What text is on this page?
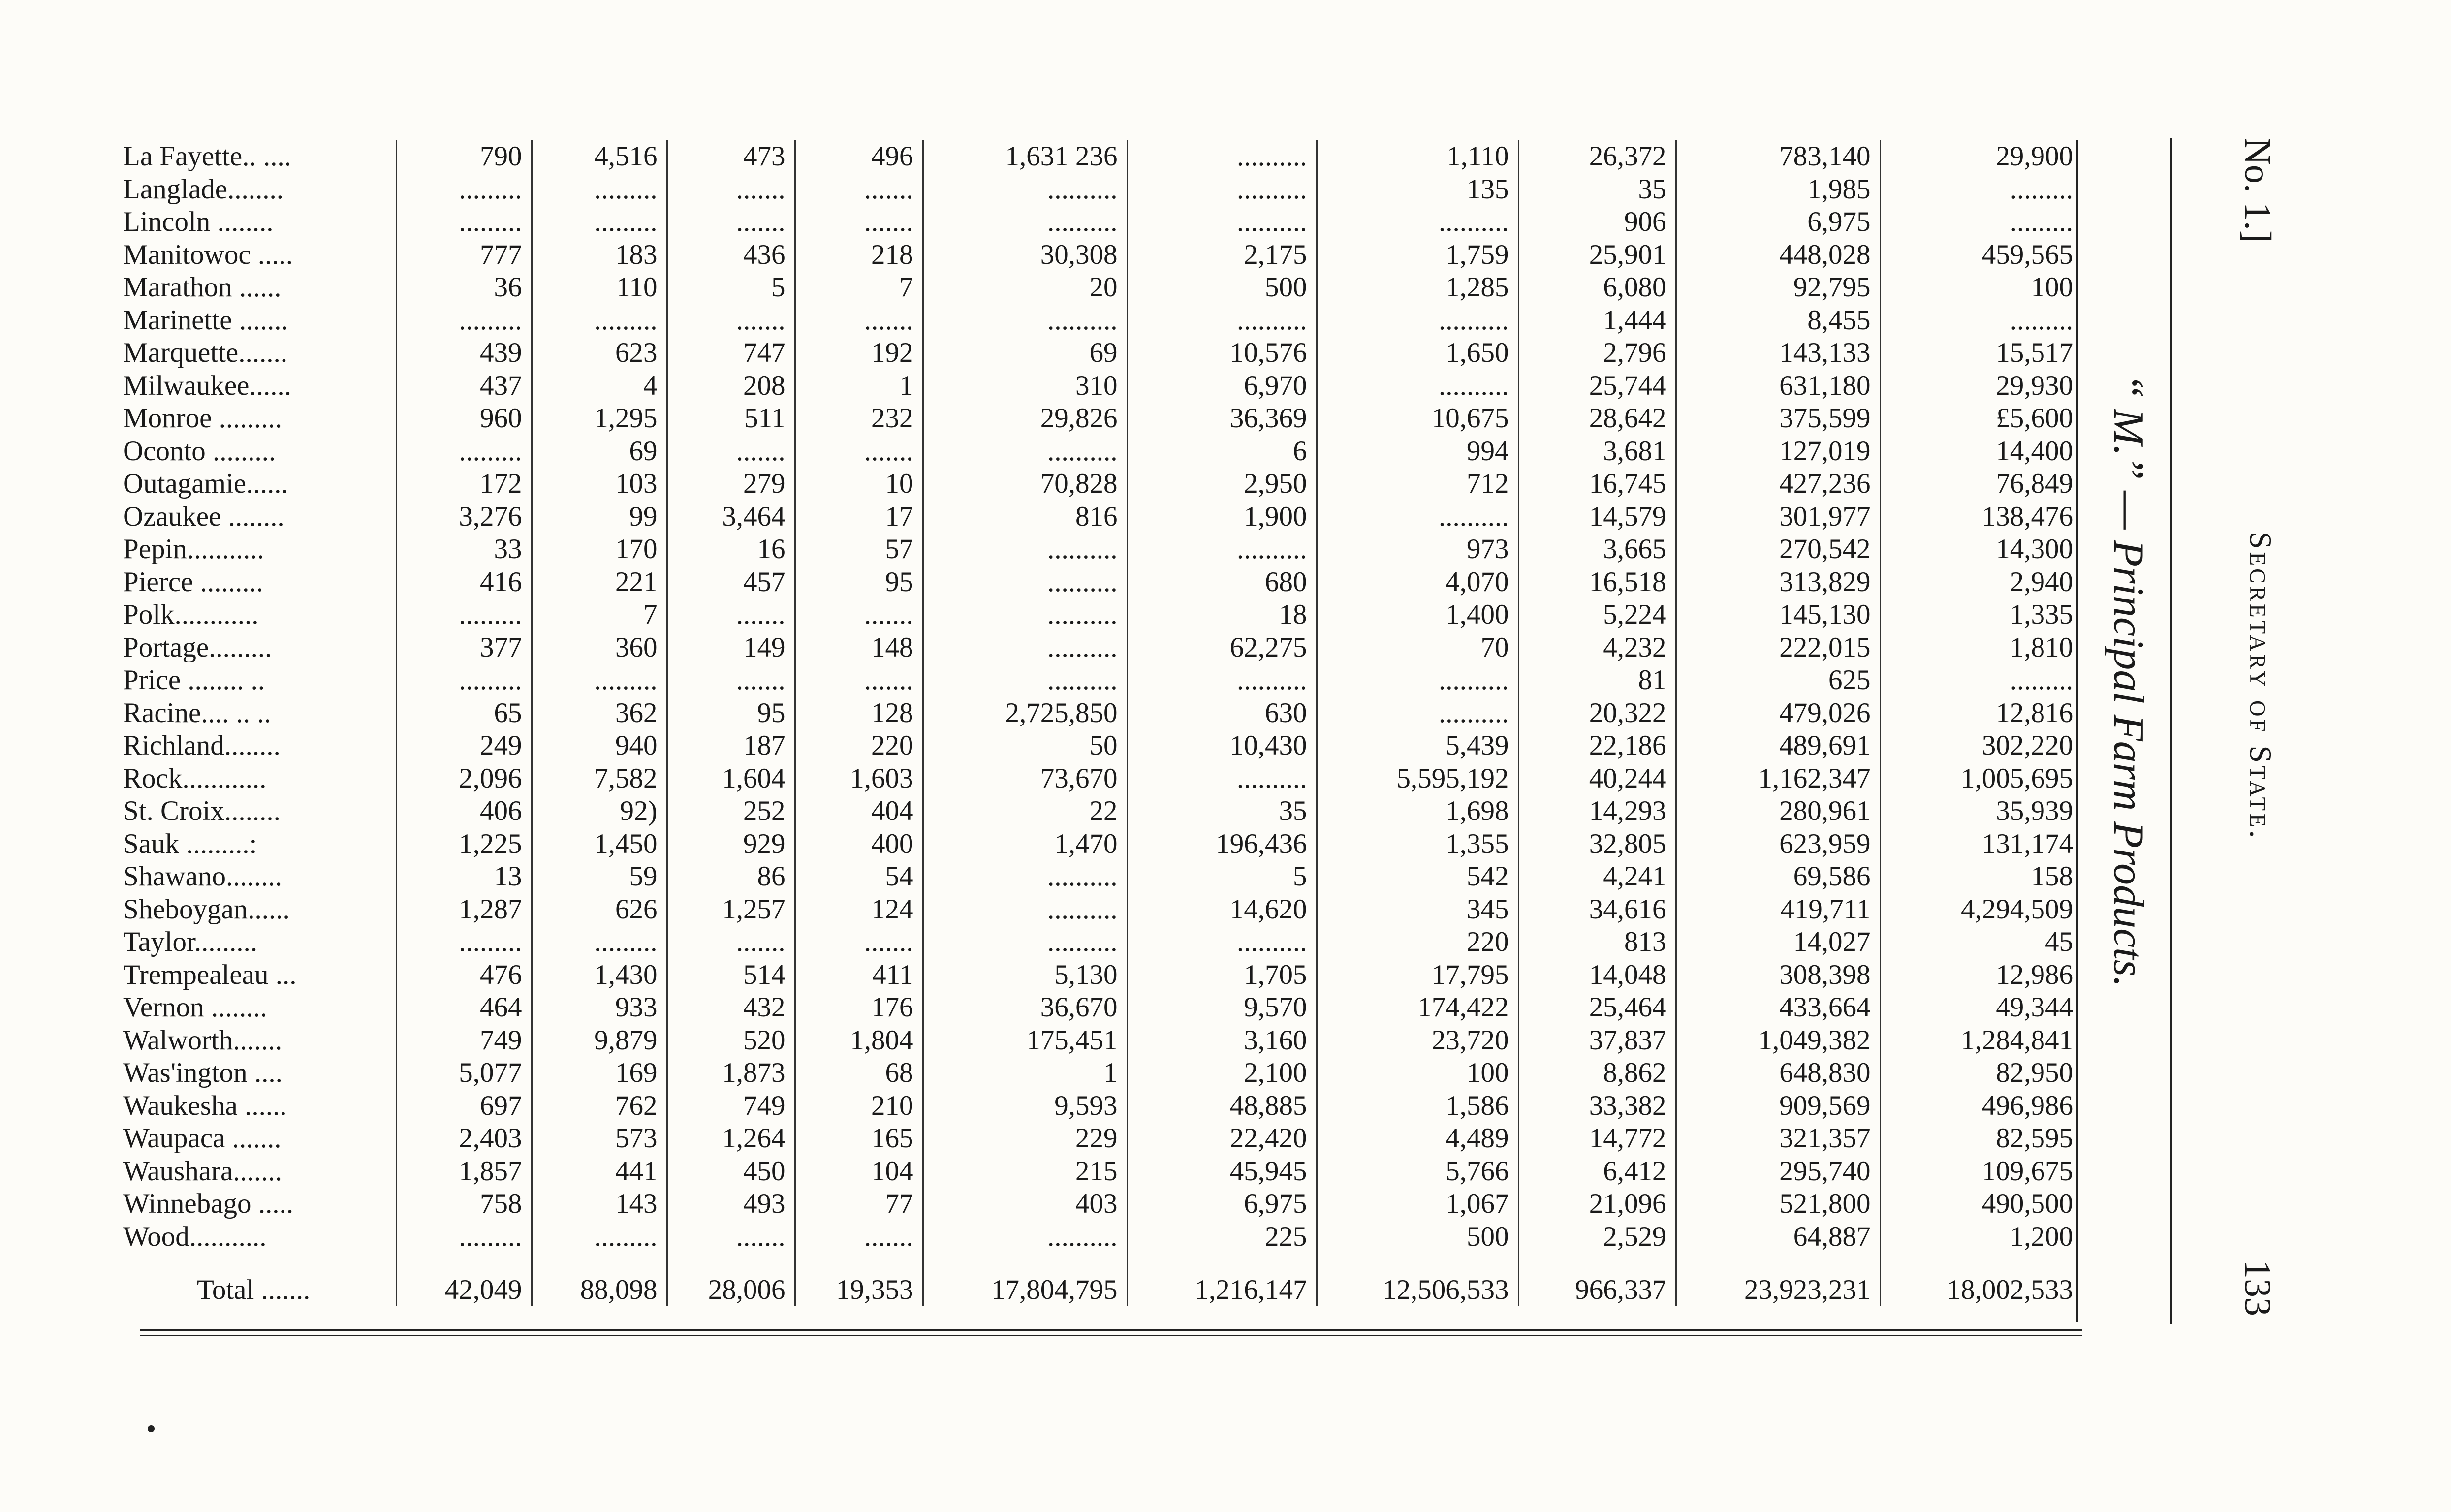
La Fayette.. ....	790	4,516	473	496	1,631 236	..........	1,110	26,372	783,140	29,900
Langlade........	.........	.........	.......	.......	..........	..........	135	35	1,985	.........
Lincoln ........	.........	.........	.......	.......	..........	..........	..........	906	6,975	.........
Manitowoc .....	777	183	436	218	30,308	2,175	1,759	25,901	448,028	459,565
Marathon ......	36	110	5	7	20	500	1,285	6,080	92,795	100
Marinette .......	.........	.........	.......	.......	..........	..........	..........	1,444	8,455	.........
Marquette.......	439	623	747	192	69	10,576	1,650	2,796	143,133	15,517
Milwaukee......	437	4	208	1	310	6,970	..........	25,744	631,180	29,930
Monroe .........	960	1,295	511	232	29,826	36,369	10,675	28,642	375,599	£5,600
Oconto .........	.........	69	.......	.......	..........	6	994	3,681	127,019	14,400
Outagamie......	172	103	279	10	70,828	2,950	712	16,745	427,236	76,849
Ozaukee ........	3,276	99	3,464	17	816	1,900	..........	14,579	301,977	138,476
Pepin...........	33	170	16	57	..........	..........	973	3,665	270,542	14,300
Pierce .........	416	221	457	95	..........	680	4,070	16,518	313,829	2,940
Polk............	.........	7	.......	.......	..........	18	1,400	5,224	145,130	1,335
Portage.........	377	360	149	148	..........	62,275	70	4,232	222,015	1,810
Price ........ ..	.........	.........	.......	.......	..........	..........	..........	81	625	.........
Racine.... .. ..	65	362	95	128	2,725,850	630	..........	20,322	479,026	12,816
Richland........	249	940	187	220	50	10,430	5,439	22,186	489,691	302,220
Rock............	2,096	7,582	1,604	1,603	73,670	..........	5,595,192	40,244	1,162,347	1,005,695
St. Croix........	406	92)	252	404	22	35	1,698	14,293	280,961	35,939
Sauk .........:	1,225	1,450	929	400	1,470	196,436	1,355	32,805	623,959	131,174
Shawano........	13	59	86	54	..........	5	542	4,241	69,586	158
Sheboygan......	1,287	626	1,257	124	..........	14,620	345	34,616	419,711	4,294,509
Taylor.........	.........	.........	.......	.......	..........	..........	220	813	14,027	45
Trempealeau ...	476	1,430	514	411	5,130	1,705	17,795	14,048	308,398	12,986
Vernon ........	464	933	432	176	36,670	9,570	174,422	25,464	433,664	49,344
Walworth.......	749	9,879	520	1,804	175,451	3,160	23,720	37,837	1,049,382	1,284,841
Was'ington ....	5,077	169	1,873	68	1	2,100	100	8,862	648,830	82,950
Waukesha ......	697	762	749	210	9,593	48,885	1,586	33,382	909,569	496,986
Waupaca .......	2,403	573	1,264	165	229	22,420	4,489	14,772	321,357	82,595
Waushara.......	1,857	441	450	104	215	45,945	5,766	6,412	295,740	109,675
Winnebago .....	758	143	493	77	403	6,975	1,067	21,096	521,800	490,500
Wood...........	.........	.........	.......	.......	..........	225	500	2,529	64,887	1,200

Total .......	42,049	88,098	28,006	19,353	17,804,795	1,216,147	12,506,533	966,337	23,923,231	18,002,533
No. 1.]
Secretary of State.
133
“ M.” — Principal Farm Products.
